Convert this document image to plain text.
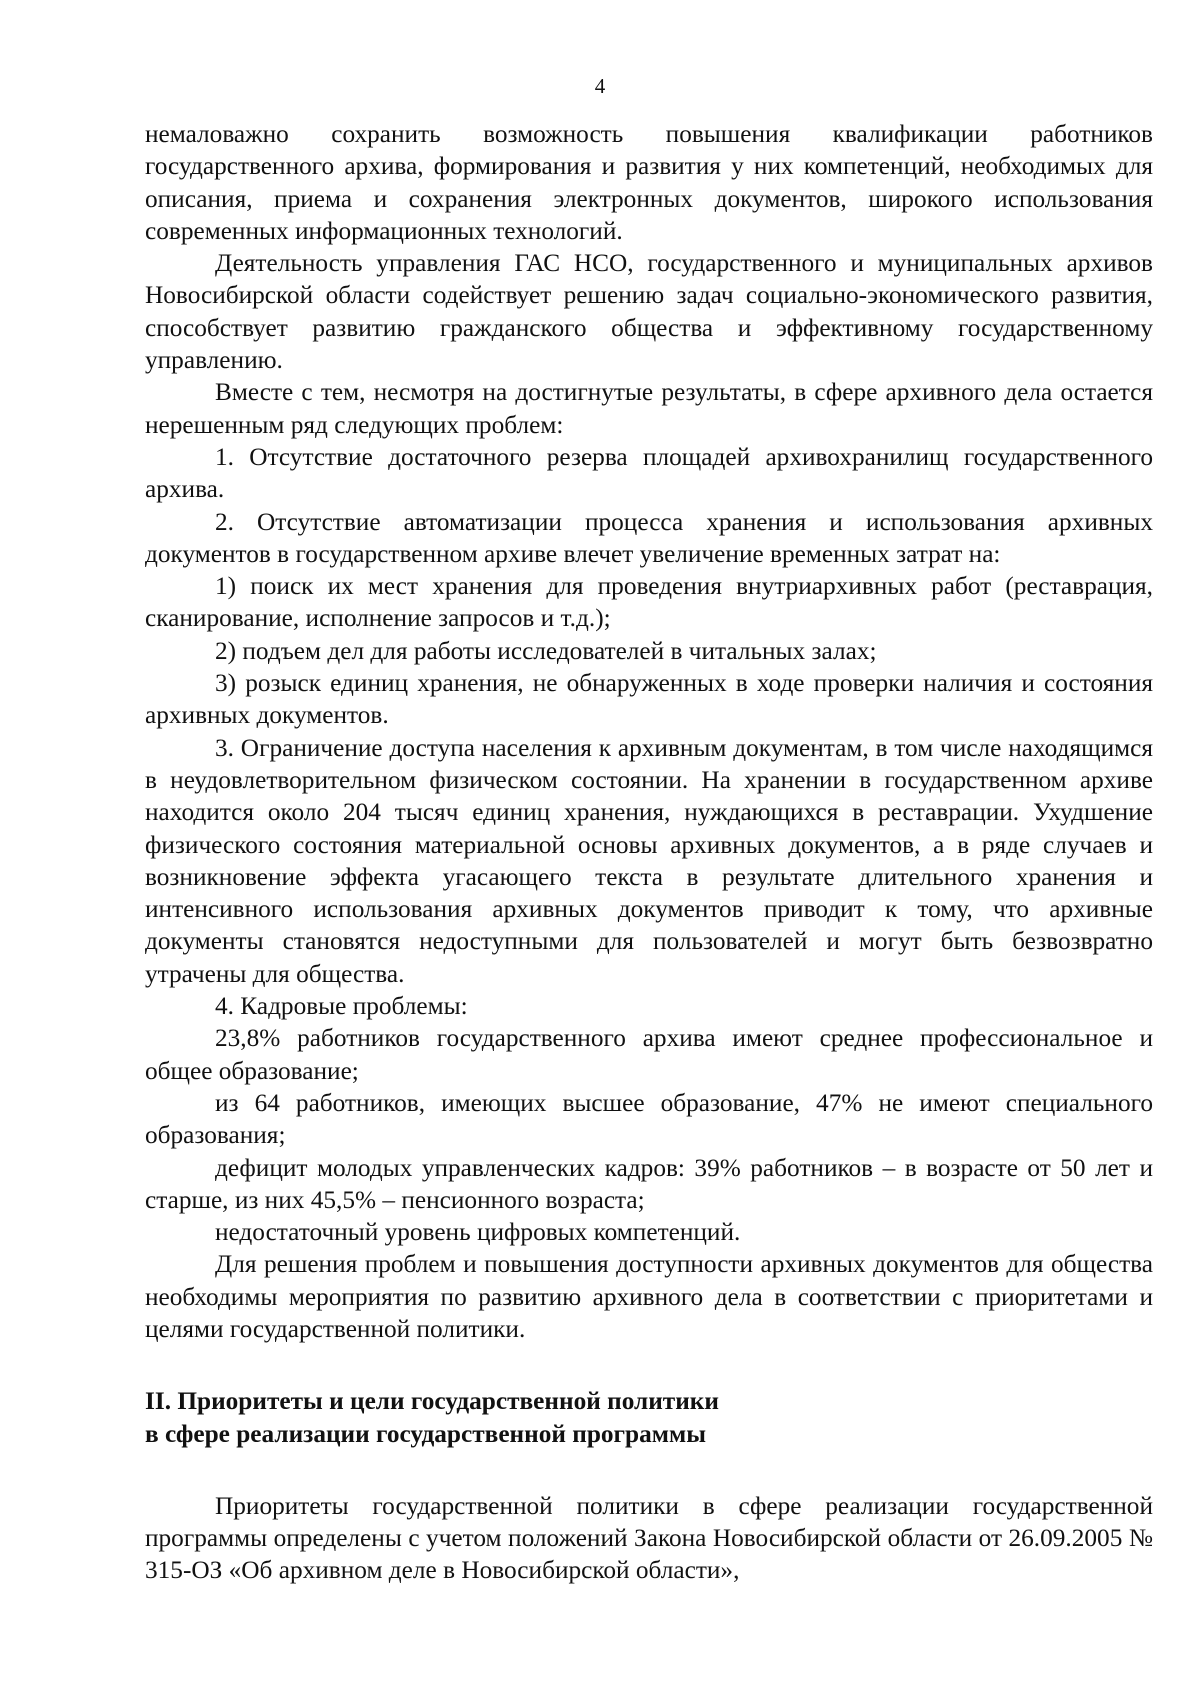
4

немаловажно сохранить возможность повышения квалификации работников государственного архива, формирования и развития у них компетенций, необходимых для описания, приема и сохранения электронных документов, широкого использования современных информационных технологий.

Деятельность управления ГАС НСО, государственного и муниципальных архивов Новосибирской области содействует решению задач социально-экономического развития, способствует развитию гражданского общества и эффективному государственному управлению.

Вместе с тем, несмотря на достигнутые результаты, в сфере архивного дела остается нерешенным ряд следующих проблем:

1. Отсутствие достаточного резерва площадей архивохранилищ государственного архива.

2. Отсутствие автоматизации процесса хранения и использования архивных документов в государственном архиве влечет увеличение временных затрат на:

1) поиск их мест хранения для проведения внутриархивных работ (реставрация, сканирование, исполнение запросов и т.д.);

2) подъем дел для работы исследователей в читальных залах;

3) розыск единиц хранения, не обнаруженных в ходе проверки наличия и состояния архивных документов.

3. Ограничение доступа населения к архивным документам, в том числе находящимся в неудовлетворительном физическом состоянии. На хранении в государственном архиве находится около 204 тысяч единиц хранения, нуждающихся в реставрации. Ухудшение физического состояния материальной основы архивных документов, а в ряде случаев и возникновение эффекта угасающего текста в результате длительного хранения и интенсивного использования архивных документов приводит к тому, что архивные документы становятся недоступными для пользователей и могут быть безвозвратно утрачены для общества.

4. Кадровые проблемы:

23,8% работников государственного архива имеют среднее профессиональное и общее образование;

из 64 работников, имеющих высшее образование, 47% не имеют специального образования;

дефицит молодых управленческих кадров: 39% работников – в возрасте от 50 лет и старше, из них 45,5% – пенсионного возраста;

недостаточный уровень цифровых компетенций.

Для решения проблем и повышения доступности архивных документов для общества необходимы мероприятия по развитию архивного дела в соответствии с приоритетами и целями государственной политики.

II. Приоритеты и цели государственной политики

в сфере реализации государственной программы

Приоритеты государственной политики в сфере реализации государственной программы определены с учетом положений Закона Новосибирской области от 26.09.2005 № 315-ОЗ «Об архивном деле в Новосибирской области»,
